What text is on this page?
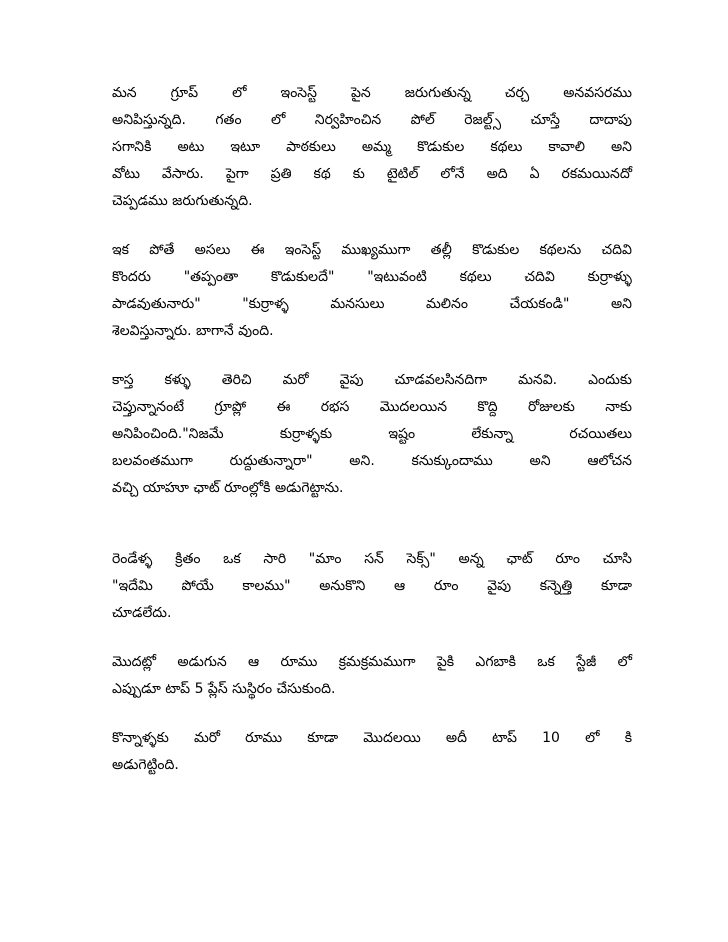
మన గ్రూప్ లో ఇంసెస్ట్ పైన జరుగుతున్న చర్చ అనవసరము
అనిపిస్తున్నది. గతం లో నిర్వహించిన పోల్ రెజల్ట్స్ చూస్తే దాదాపు
సగానికి అటు ఇటూ పాఠకులు అమ్మ కొడుకుల కథలు కావాలి అని
వోటు వేసారు. పైగా ప్రతి కథ కు టైటిల్ లోనే అది ఏ రకమయినదో
చెప్పడము జరుగుతున్నది.
ఇక పోతే అసలు ఈ ఇంసెస్ట్ ముఖ్యముగా తల్లీ కొడుకుల కథలను చదివి
కొందరు "తప్పంతా కొడుకులదే" "ఇటువంటి కథలు చదివి కుర్రాళ్ళు
పాడవుతునారు" "కుర్రాళ్ళ మనసులు మలినం చేయకండి" అని
శెలవిస్తున్నారు. బాగానే వుంది.
కాస్త కళ్ళు తెరిచి మరో వైపు చూడవలసినదిగా మనవి. ఎందుకు
చెప్తున్నానంటే గ్రూప్లో ఈ రభస మొదలయిన కొద్ది రోజులకు నాకు
అనిపించింది."నిజమే కుర్రాళ్ళకు ఇష్టం లేకున్నా రచయితలు
బలవంతముగా రుద్దుతున్నారా" అని. కనుక్కుందాము అని ఆలోచన
వచ్చి యాహూ ఛాట్ రూంల్లోకి అడుగెట్టాను.
రెండేళ్ళ క్రితం ఒక సారి "మాం సన్ సెక్స్" అన్న ఛాట్ రూం చూసి
"ఇదేమి పోయే కాలము" అనుకొని ఆ రూం వైపు కన్నెత్తి కూడా
చూడలేదు.
మొదట్లో అడుగున ఆ రూము క్రమక్రమముగా పైకి ఎగబాకి ఒక స్టేజీ లో
ఎప్పుడూ టాప్ 5 ప్లేస్ సుస్థిరం చేసుకుంది.
కొన్నాళ్ళకు మరో రూము కూడా మొదలయి అదీ టాప్ 10 లో కి
అడుగెట్టింది.
